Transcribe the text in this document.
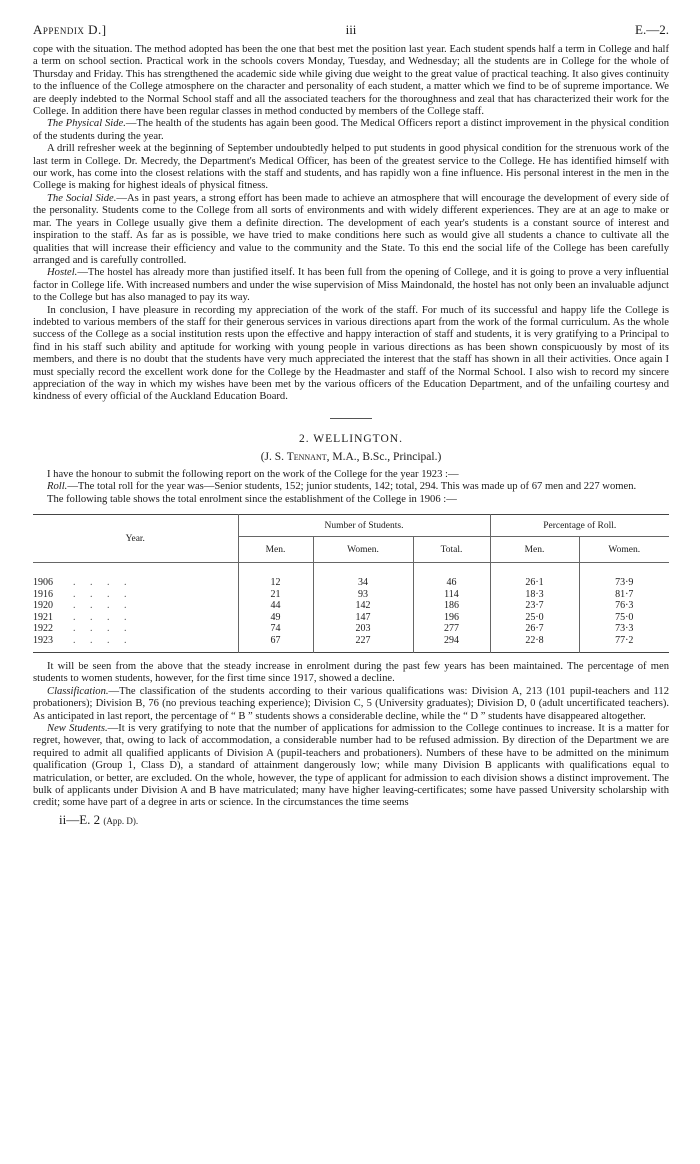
Appendix D.]	iii	E.—2.

cope with the situation. The method adopted has been the one that best met the position last year. Each student spends half a term in College and half a term on school section. Practical work in the schools covers Monday, Tuesday, and Wednesday; all the students are in College for the whole of Thursday and Friday. This has strengthened the academic side while giving due weight to the great value of practical teaching. It also gives continuity to the influence of the College atmosphere on the character and personality of each student, a matter which we find to be of supreme importance. We are deeply indebted to the Normal School staff and all the associated teachers for the thoroughness and zeal that has characterized their work for the College. In addition there have been regular classes in method conducted by members of the College staff.

The Physical Side.—The health of the students has again been good. The Medical Officers report a distinct improvement in the physical condition of the students during the year.

A drill refresher week at the beginning of September undoubtedly helped to put students in good physical condition for the strenuous work of the last term in College. Dr. Mecredy, the Department's Medical Officer, has been of the greatest service to the College. He has identified himself with our work, has come into the closest relations with the staff and students, and has rapidly won a fine influence. His personal interest in the men in the College is making for highest ideals of physical fitness.

The Social Side.—As in past years, a strong effort has been made to achieve an atmosphere that will encourage the development of every side of the personality. Students come to the College from all sorts of environments and with widely different experiences. They are at an age to make or mar. The years in College usually give them a definite direction. The development of each year's students is a constant source of interest and inspiration to the staff. As far as is possible, we have tried to make conditions here such as would give all students a chance to cultivate all the qualities that will increase their efficiency and value to the community and the State. To this end the social life of the College has been carefully arranged and is carefully controlled.

Hostel.—The hostel has already more than justified itself. It has been full from the opening of College, and it is going to prove a very influential factor in College life. With increased numbers and under the wise supervision of Miss Maindonald, the hostel has not only been an invaluable adjunct to the College but has also managed to pay its way.

In conclusion, I have pleasure in recording my appreciation of the work of the staff. For much of its successful and happy life the College is indebted to various members of the staff for their generous services in various directions apart from the work of the formal curriculum. As the whole success of the College as a social institution rests upon the effective and happy interaction of staff and students, it is very gratifying to a Principal to find in his staff such ability and aptitude for working with young people in various directions as has been shown conspicuously by most of its members, and there is no doubt that the students have very much appreciated the interest that the staff has shown in all their activities. Once again I must specially record the excellent work done for the College by the Headmaster and staff of the Normal School. I also wish to record my sincere appreciation of the way in which my wishes have been met by the various officers of the Education Department, and of the unfailing courtesy and kindness of every official of the Auckland Education Board.

2. WELLINGTON.
(J. S. Tennant, M.A., B.Sc., Principal.)

I have the honour to submit the following report on the work of the College for the year 1923 :—

Roll.—The total roll for the year was—Senior students, 152; junior students, 142; total, 294. This was made up of 67 men and 227 women.

The following table shows the total enrolment since the establishment of the College in 1906 :—

Year.	Number of Students.			Percentage of Roll.	
	Men.	Women.	Total.	Men.	Women.
1906 . . . .	12	34	46	26·1	73·9
1916 . . . .	21	93	114	18·3	81·7
1920 . . . .	44	142	186	23·7	76·3
1921 . . . .	49	147	196	25·0	75·0
1922 . . . .	74	203	277	26·7	73·3
1923 . . . .	67	227	294	22·8	77·2

It will be seen from the above that the steady increase in enrolment during the past few years has been maintained. The percentage of men students to women students, however, for the first time since 1917, showed a decline.

Classification.—The classification of the students according to their various qualifications was: Division A, 213 (101 pupil-teachers and 112 probationers); Division B, 76 (no previous teaching experience); Division C, 5 (University graduates); Division D, 0 (adult uncertificated teachers). As anticipated in last report, the percentage of “ B ” students shows a considerable decline, while the “ D ” students have disappeared altogether.

New Students.—It is very gratifying to note that the number of applications for admission to the College continues to increase. It is a matter for regret, however, that, owing to lack of accommodation, a considerable number had to be refused admission. By direction of the Department we are required to admit all qualified applicants of Division A (pupil-teachers and probationers). Numbers of these have to be admitted on the minimum qualification (Group 1, Class D), a standard of attainment dangerously low; while many Division B applicants with qualifications equal to matriculation, or better, are excluded. On the whole, however, the type of applicant for admission to each division shows a distinct improvement. The bulk of applicants under Division A and B have matriculated; many have higher leaving-certificates; some have passed University scholarship with credit; some have part of a degree in arts or science. In the circumstances the time seems

ii—E. 2 (App. D).
